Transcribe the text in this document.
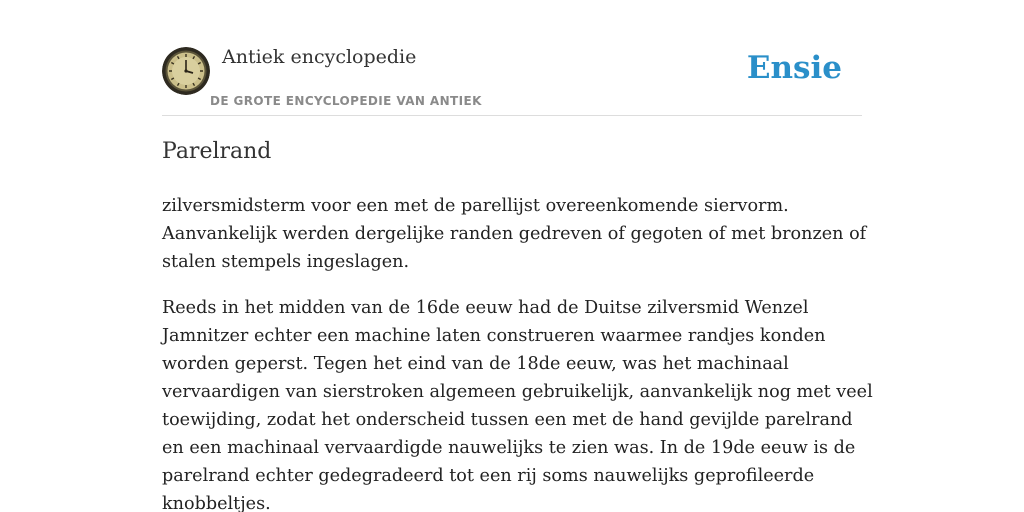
Antiek encyclopedie
DE GROTE ENCYCLOPEDIE VAN ANTIEK
Ensie
Parelrand

zilversmidsterm voor een met de parellijst overeenkomende siervorm. Aanvankelijk werden dergelijke randen gedreven of gegoten of met bronzen of stalen stempels ingeslagen.

Reeds in het midden van de 16de eeuw had de Duitse zilversmid Wenzel Jamnitzer echter een machine laten construeren waarmee randjes konden worden geperst. Tegen het eind van de 18de eeuw, was het machinaal vervaardigen van sierstroken algemeen gebruikelijk, aanvankelijk nog met veel toewijding, zodat het onderscheid tussen een met de hand gevijlde parelrand en een machinaal vervaardigde nauwelijks te zien was. In de 19de eeuw is de parelrand echter gedegradeerd tot een rij soms nauwelijks geprofileerde knobbeltjes.
